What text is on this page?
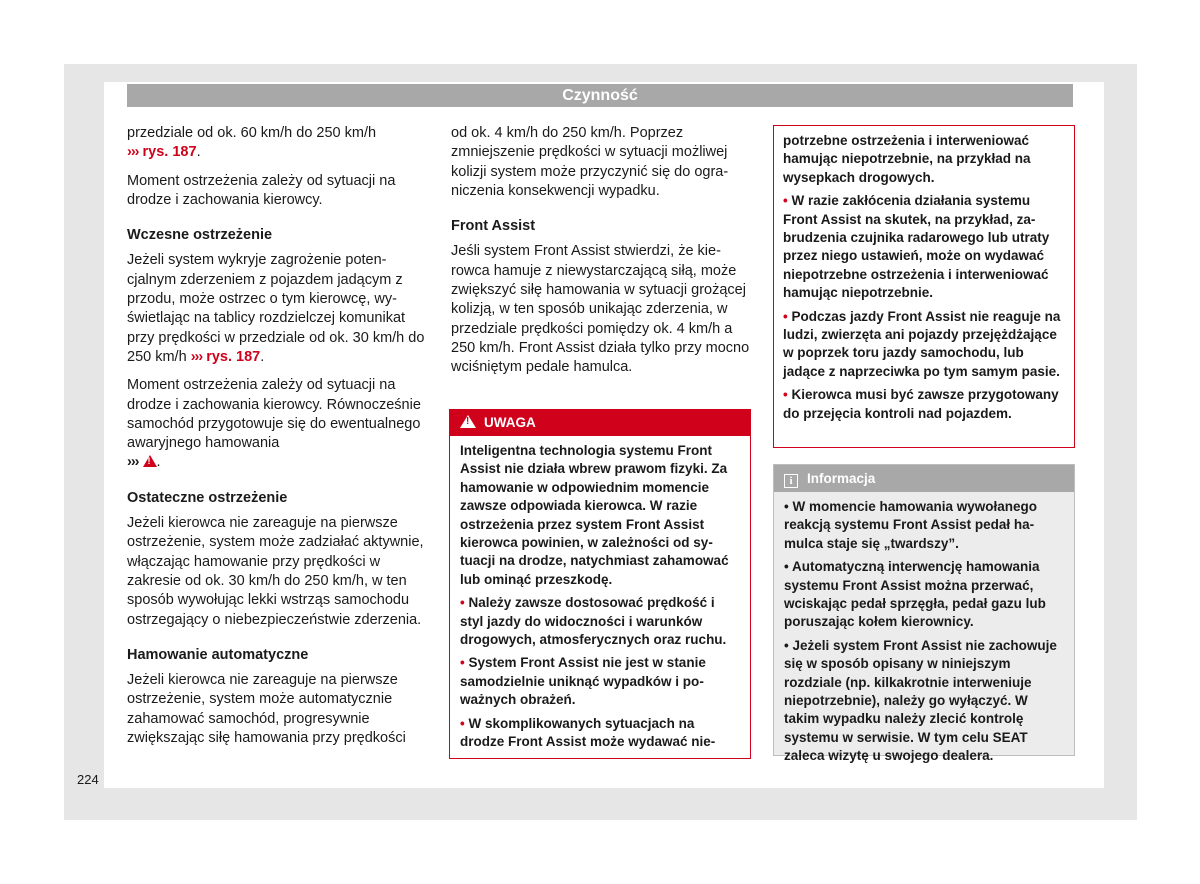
Czynność

przedziale od ok. 60 km/h do 250 km/h
››› rys. 187.

Moment ostrzeżenia zależy od sytuacji na drodze i zachowania kierowcy.

Wczesne ostrzeżenie

Jeżeli system wykryje zagrożenie potencjalnym zderzeniem z pojazdem jadącym z przodu, może ostrzec o tym kierowcę, wyświetlając na tablicy rozdzielczej komunikat przy prędkości w przedziale od ok. 30 km/h do 250 km/h ››› rys. 187.

Moment ostrzeżenia zależy od sytuacji na drodze i zachowania kierowcy. Równocześnie samochód przygotowuje się do ewentualnego awaryjnego hamowania
››› ! .

Ostateczne ostrzeżenie

Jeżeli kierowca nie zareaguje na pierwsze ostrzeżenie, system może zadziałać aktywnie, włączając hamowanie przy prędkości w zakresie od ok. 30 km/h do 250 km/h, w ten sposób wywołując lekki wstrząs samochodu ostrzegający o niebezpieczeństwie zderzenia.

Hamowanie automatyczne

Jeżeli kierowca nie zareaguje na pierwsze ostrzeżenie, system może automatycznie zahamować samochód, progresywnie zwiększając siłę hamowania przy prędkości

od ok. 4 km/h do 250 km/h. Poprzez zmniejszenie prędkości w sytuacji możliwej kolizji system może przyczynić się do ograniczenia konsekwencji wypadku.

Front Assist

Jeśli system Front Assist stwierdzi, że kierowca hamuje z niewystarczającą siłą, może zwiększyć siłę hamowania w sytuacji grożącej kolizją, w ten sposób unikając zderzenia, w przedziale prędkości pomiędzy ok. 4 km/h a 250 km/h. Front Assist działa tylko przy mocno wciśniętym pedale hamulca.

!UWAGA

Inteligentna technologia systemu Front Assist nie działa wbrew prawom fizyki. Za hamowanie w odpowiednim momencie zawsze odpowiada kierowca. W razie ostrzeżenia przez system Front Assist kierowca powinien, w zależności od sytuacji na drodze, natychmiast zahamować lub ominąć przeszkodę.

• Należy zawsze dostosować prędkość i styl jazdy do widoczności i warunków drogowych, atmosferycznych oraz ruchu.

• System Front Assist nie jest w stanie samodzielnie uniknąć wypadków i poważnych obrażeń.

• W skomplikowanych sytuacjach na drodze Front Assist może wydawać nie-

potrzebne ostrzeżenia i interweniować hamując niepotrzebnie, na przykład na wysepkach drogowych.

• W razie zakłócenia działania systemu Front Assist na skutek, na przykład, zabrudzenia czujnika radarowego lub utraty przez niego ustawień, może on wydawać niepotrzebne ostrzeżenia i interweniować hamując niepotrzebnie.

• Podczas jazdy Front Assist nie reaguje na ludzi, zwierzęta ani pojazdy przejężdżające w poprzek toru jazdy samochodu, lub jadące z naprzeciwka po tym samym pasie.

• Kierowca musi być zawsze przygotowany do przejęcia kontroli nad pojazdem.

i Informacja

• W momencie hamowania wywołanego reakcją systemu Front Assist pedał hamulca staje się „twardszy”.

• Automatyczną interwencję hamowania systemu Front Assist można przerwać, wciskając pedał sprzęgła, pedał gazu lub poruszając kołem kierownicy.

• Jeżeli system Front Assist nie zachowuje się w sposób opisany w niniejszym rozdziale (np. kilkakrotnie interweniuje niepotrzebnie), należy go wyłączyć. W takim wypadku należy zlecić kontrolę systemu w serwisie. W tym celu SEAT zaleca wizytę u swojego dealera.

224
